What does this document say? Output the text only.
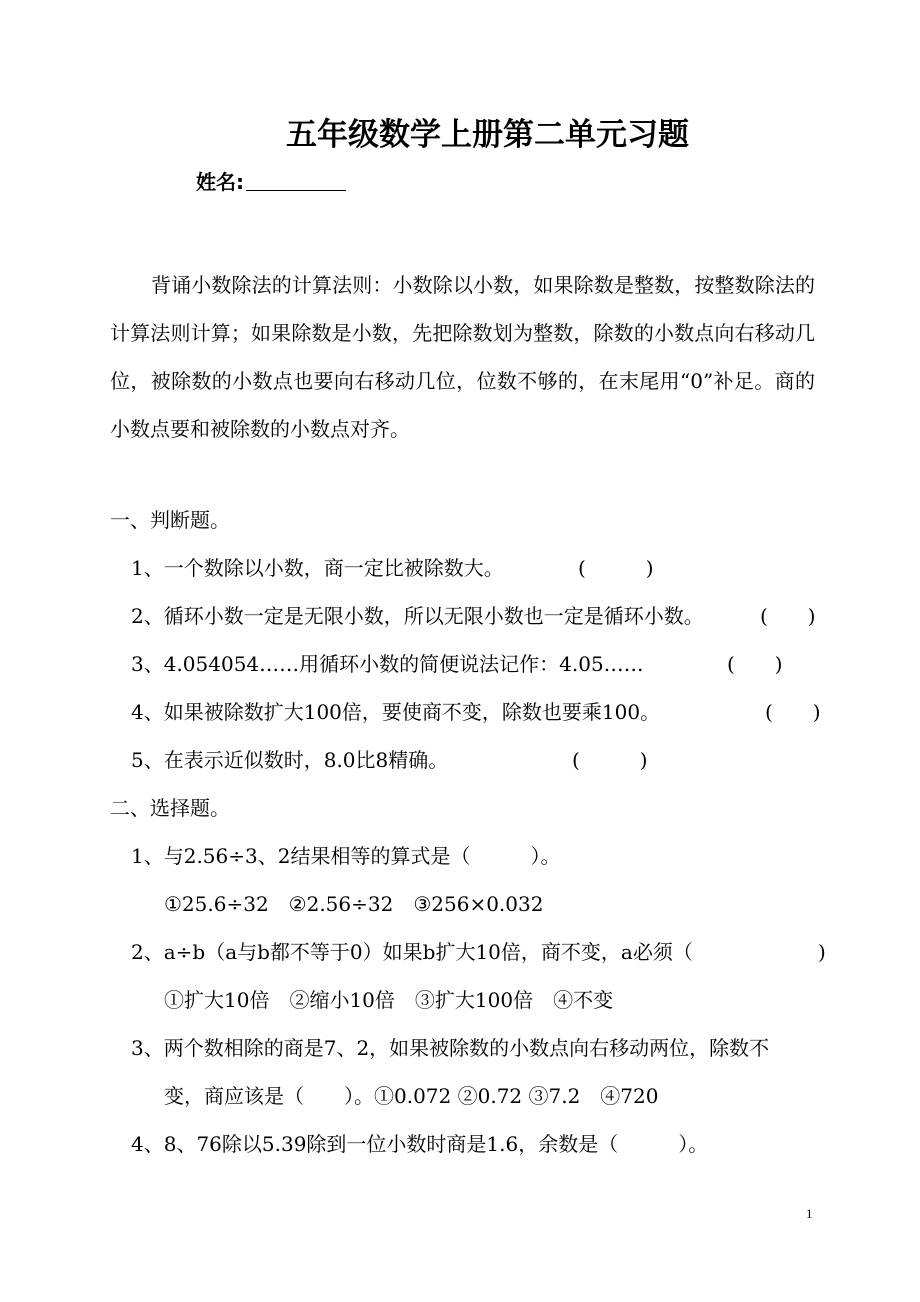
五年级数学上册第二单元习题
姓名:

背诵小数除法的计算法则：小数除以小数，如果除数是整数，按整数除法的计算法则计算；如果除数是小数，先把除数划为整数，除数的小数点向右移动几位，被除数的小数点也要向右移动几位，位数不够的，在末尾用“0”补足。商的小数点要和被除数的小数点对齐。

一、判断题。
1、一个数除以小数，商一定比被除数大。	(　　　)
2、循环小数一定是无限小数，所以无限小数也一定是循环小数。	(　　)
3、4.054054……用循环小数的简便说法记作：4.05……	(　　)
4、如果被除数扩大100倍，要使商不变，除数也要乘100。	(　　)
5、在表示近似数时，8.0比8精确。	(　　　)
二、选择题。
1、与2.56÷3、2结果相等的算式是（　　　）。
①25.6÷32　②2.56÷32　③256×0.032
2、a÷b（a与b都不等于0）如果b扩大10倍，商不变，a必须（	)
①扩大10倍　②缩小10倍　③扩大100倍　④不变
3、两个数相除的商是7、2，如果被除数的小数点向右移动两位，除数不
变，商应该是（　　）。①0.072 ②0.72 ③7.2　④720
4、8、76除以5.39除到一位小数时商是1.6，余数是（　　　）。
1
